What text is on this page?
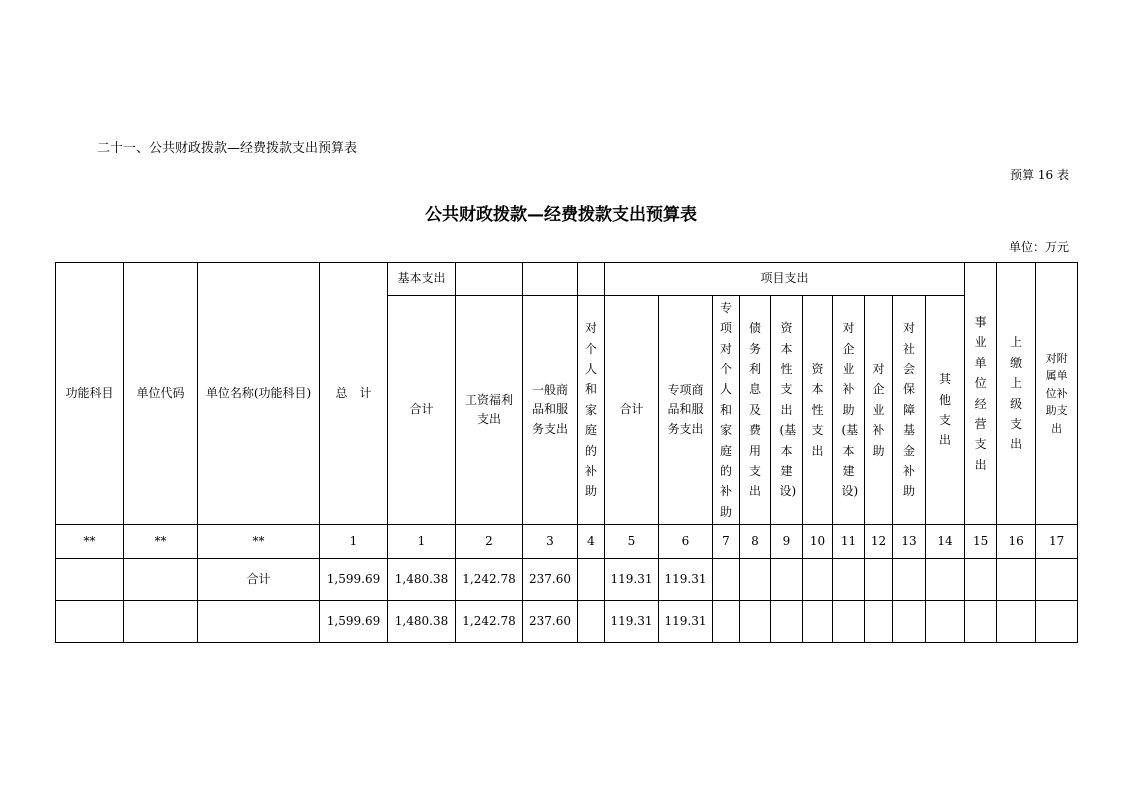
二十一、公共财政拨款—经费拨款支出预算表
预算 16 表
公共财政拨款—经费拨款支出预算表
单位：万元
功能科目	单位代码	单位名称(功能科目)	总　计	基本支出				项目支出										事业单位经营支出	上缴上级支出	对附属单位补助支出
				合计	工资福利支出	一般商品和服务支出	对个人和家庭的补助	合计	专项商品和服务支出	专项对个人和家庭的补助	债务利息及费用支出	资本性支出(基本建设)	资本性支出	对企业补助(基本建设)	对企业补助	对社会保障基金补助	其他支出			
**	**	**	1	1	2	3	4	5	6	7	8	9	10	11	12	13	14	15	16	17
		合计	1,599.69	1,480.38	1,242.78	237.60		119.31	119.31											
			1,599.69	1,480.38	1,242.78	237.60		119.31	119.31											
